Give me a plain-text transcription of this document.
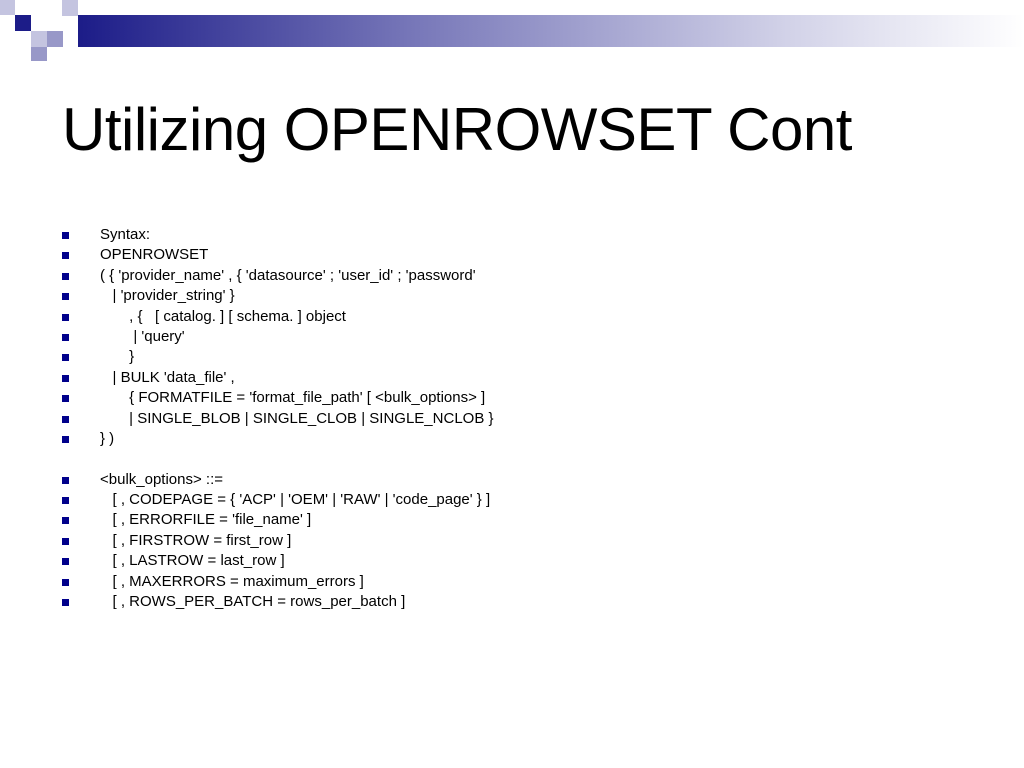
Utilizing OPENROWSET Cont
Syntax:
OPENROWSET
( { 'provider_name' , { 'datasource' ; 'user_id' ; 'password'
| 'provider_string' }
, {   [ catalog. ] [ schema. ] object
| 'query'
}
| BULK 'data_file' ,
{ FORMATFILE = 'format_file_path' [ <bulk_options> ]
| SINGLE_BLOB | SINGLE_CLOB | SINGLE_NCLOB }
} )
<bulk_options> ::=
[ , CODEPAGE = { 'ACP' | 'OEM' | 'RAW' | 'code_page' } ]
[ , ERRORFILE = 'file_name' ]
[ , FIRSTROW = first_row ]
[ , LASTROW = last_row ]
[ , MAXERRORS = maximum_errors ]
[ , ROWS_PER_BATCH = rows_per_batch ]
